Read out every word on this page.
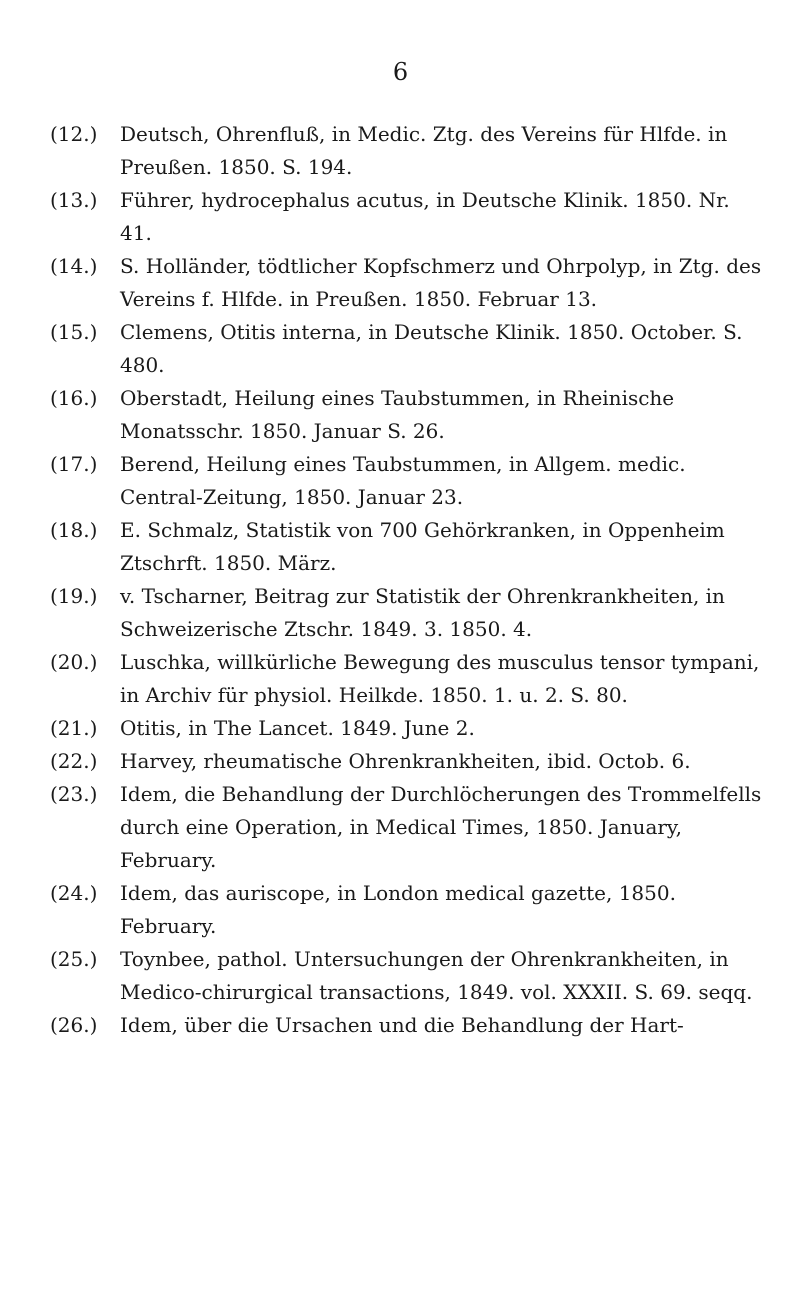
6
(12.) Deutsch, Ohrenfluß, in Medic. Ztg. des Vereins für Hlfde. in Preußen. 1850. S. 194.
(13.) Führer, hydrocephalus acutus, in Deutsche Klinik. 1850. Nr. 41.
(14.) S. Holländer, tödtlicher Kopfschmerz und Ohrpolyp, in Ztg. des Vereins f. Hlfde. in Preußen. 1850. Februar 13.
(15.) Clemens, Otitis interna, in Deutsche Klinik. 1850. October. S. 480.
(16.) Oberstadt, Heilung eines Taubstummen, in Rheinische Monatsschr. 1850. Januar S. 26.
(17.) Berend, Heilung eines Taubstummen, in Allgem. medic. Central-Zeitung, 1850. Januar 23.
(18.) E. Schmalz, Statistik von 700 Gehörkranken, in Oppenheim Ztschrft. 1850. März.
(19.) v. Tscharner, Beitrag zur Statistik der Ohrenkrankheiten, in Schweizerische Ztschr. 1849. 3. 1850. 4.
(20.) Luschka, willkürliche Bewegung des musculus tensor tympani, in Archiv für physiol. Heilkde. 1850. 1. u. 2. S. 80.
(21.) Otitis, in The Lancet. 1849. June 2.
(22.) Harvey, rheumatische Ohrenkrankheiten, ibid. Octob. 6.
(23.) Idem, die Behandlung der Durchlöcherungen des Trommelfells durch eine Operation, in Medical Times, 1850. January, February.
(24.) Idem, das auriscope, in London medical gazette, 1850. February.
(25.) Toynbee, pathol. Untersuchungen der Ohrenkrankheiten, in Medico-chirurgical transactions, 1849. vol. XXXII. S. 69. seqq.
(26.) Idem, über die Ursachen und die Behandlung der Hart-
